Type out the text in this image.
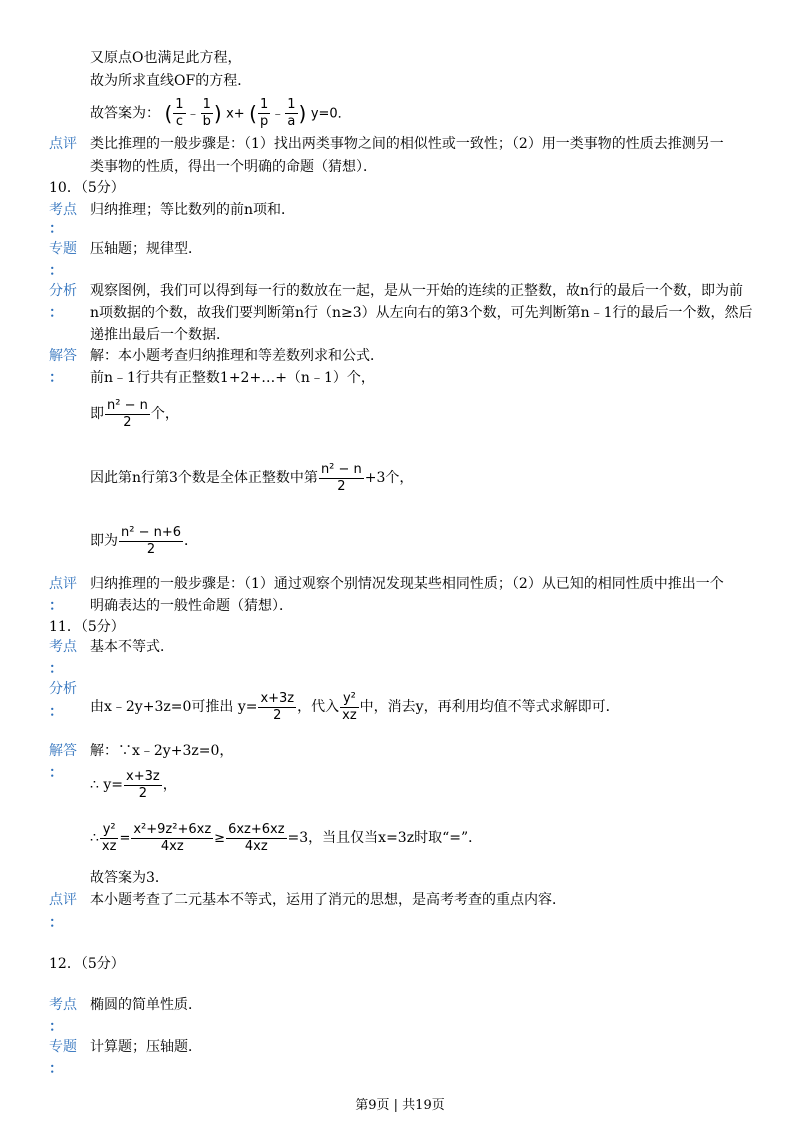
又原点O也满足此方程，
故为所求直线OF的方程．
故答案为： ( $\frac{1}{c}$ ﹣ $\frac{1}{b}$ ) x+ ( $\frac{1}{p}$ ﹣ $\frac{1}{a}$ ) y=0．
点评 类比推理的一般步骤是：（1）找出两类事物之间的相似性或一致性；（2）用一类事物的性质去推测另一
类事物的性质，得出一个明确的命题（猜想）．
10．（5分）
考点 归纳推理；等比数列的前n项和．
：
专题 压轴题；规律型．
：
分析
：
观察图例，我们可以得到每一行的数放在一起，是从一开始的连续的正整数，故n行的最后一个数，即为前
n项数据的个数，故我们要判断第n行（n≥3）从左向右的第3个数，可先判断第n﹣1行的最后一个数，然后
递推出最后一个数据．
解答
：
解：本小题考查归纳推理和等差数列求和公式．
前n﹣1行共有正整数1+2+…+（n﹣1）个，
即 $\frac{\text{n² − n}}{2}$ 个，
因此第n行第3个数是全体正整数中第 $\frac{\text{n² − n}}{2} +3$个，
即为 $\frac{\text{n² − n+6}}{2}$ ．
点评
：
归纳推理的一般步骤是：（1）通过观察个别情况发现某些相同性质；（2）从已知的相同性质中推出一个
明确表达的一般性命题（猜想）．
11．（5分）
考点 基本不等式．
：
分析
： 由x﹣2y+3z=0可推出 $y= \frac{x+3z}{2}$ ，代入 $\frac{\text{y²}}{xz}$ 中，消去y，再利用均值不等式求解即可．
解答
：
解：∵x﹣2y+3z=0，
∴ $y= \frac{x+3z}{2}$ ，
∴ $\frac{\text{y²}}{xz} = \frac{\text{x²+9z²+6xz}}{4xz} \ge \frac{6xz+6xz}{4xz} =3$，当且仅当x=3z时取“=”．
故答案为3．
点评
：
本小题考查了二元基本不等式，运用了消元的思想，是高考考查的重点内容．
12．（5分）
考点 椭圆的简单性质．
：
专题 计算题；压轴题．
：
第9页 | 共19页
